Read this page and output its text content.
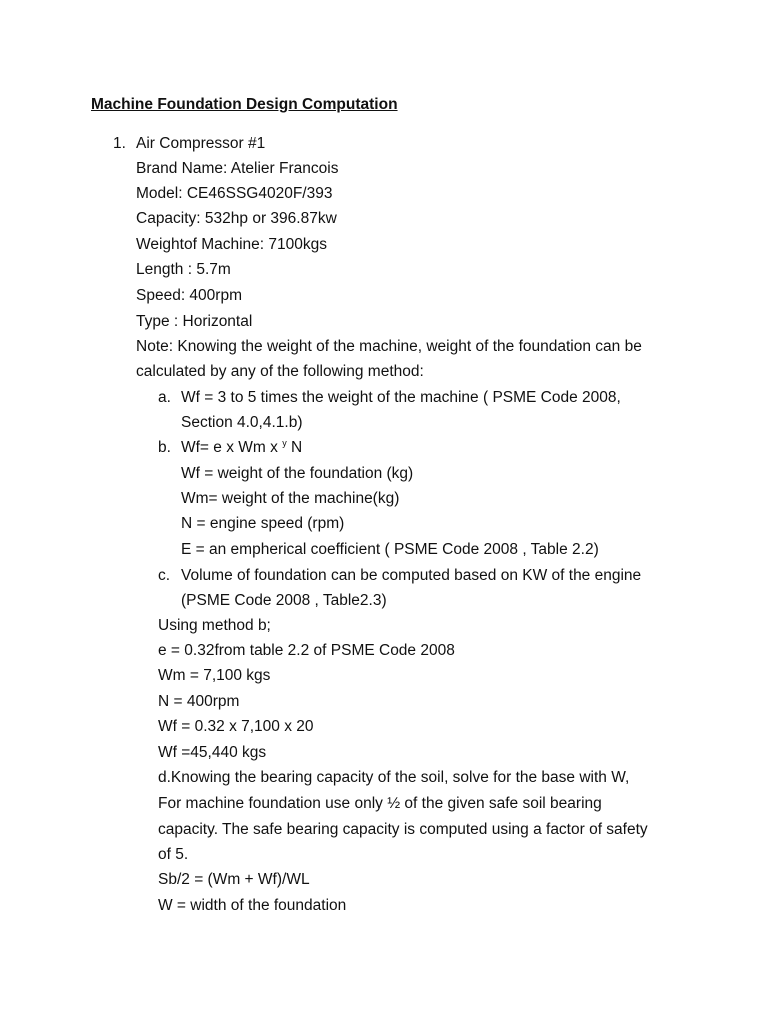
Machine Foundation Design Computation
1. Air Compressor #1
Brand Name: Atelier Francois
Model: CE46SSG4020F/393
Capacity: 532hp or 396.87kw
Weightof Machine: 7100kgs
Length : 5.7m
Speed: 400rpm
Type : Horizontal
Note: Knowing the weight of the machine, weight of the foundation can be
calculated by any of the following method:
a. Wf = 3 to 5 times the weight of the machine ( PSME Code 2008,
Section 4.0,4.1.b)
b. Wf= e x Wm x $^y$ N
Wf = weight of the foundation (kg)
Wm= weight of the machine(kg)
N = engine speed (rpm)
E = an empherical coefficient ( PSME Code 2008 , Table 2.2)
c. Volume of foundation can be computed based on KW of the engine
(PSME Code 2008 , Table2.3)
Using method b;
e = 0.32from table 2.2 of PSME Code 2008
Wm = 7,100 kgs
N = 400rpm
Wf = 0.32 x 7,100 x 20
Wf =45,440 kgs
d.Knowing the bearing capacity of the soil, solve for the base with W,
For machine foundation use only ½ of the given safe soil bearing
capacity. The safe bearing capacity is computed using a factor of safety
of 5.
Sb/2 = (Wm + Wf)/WL
W = width of the foundation
